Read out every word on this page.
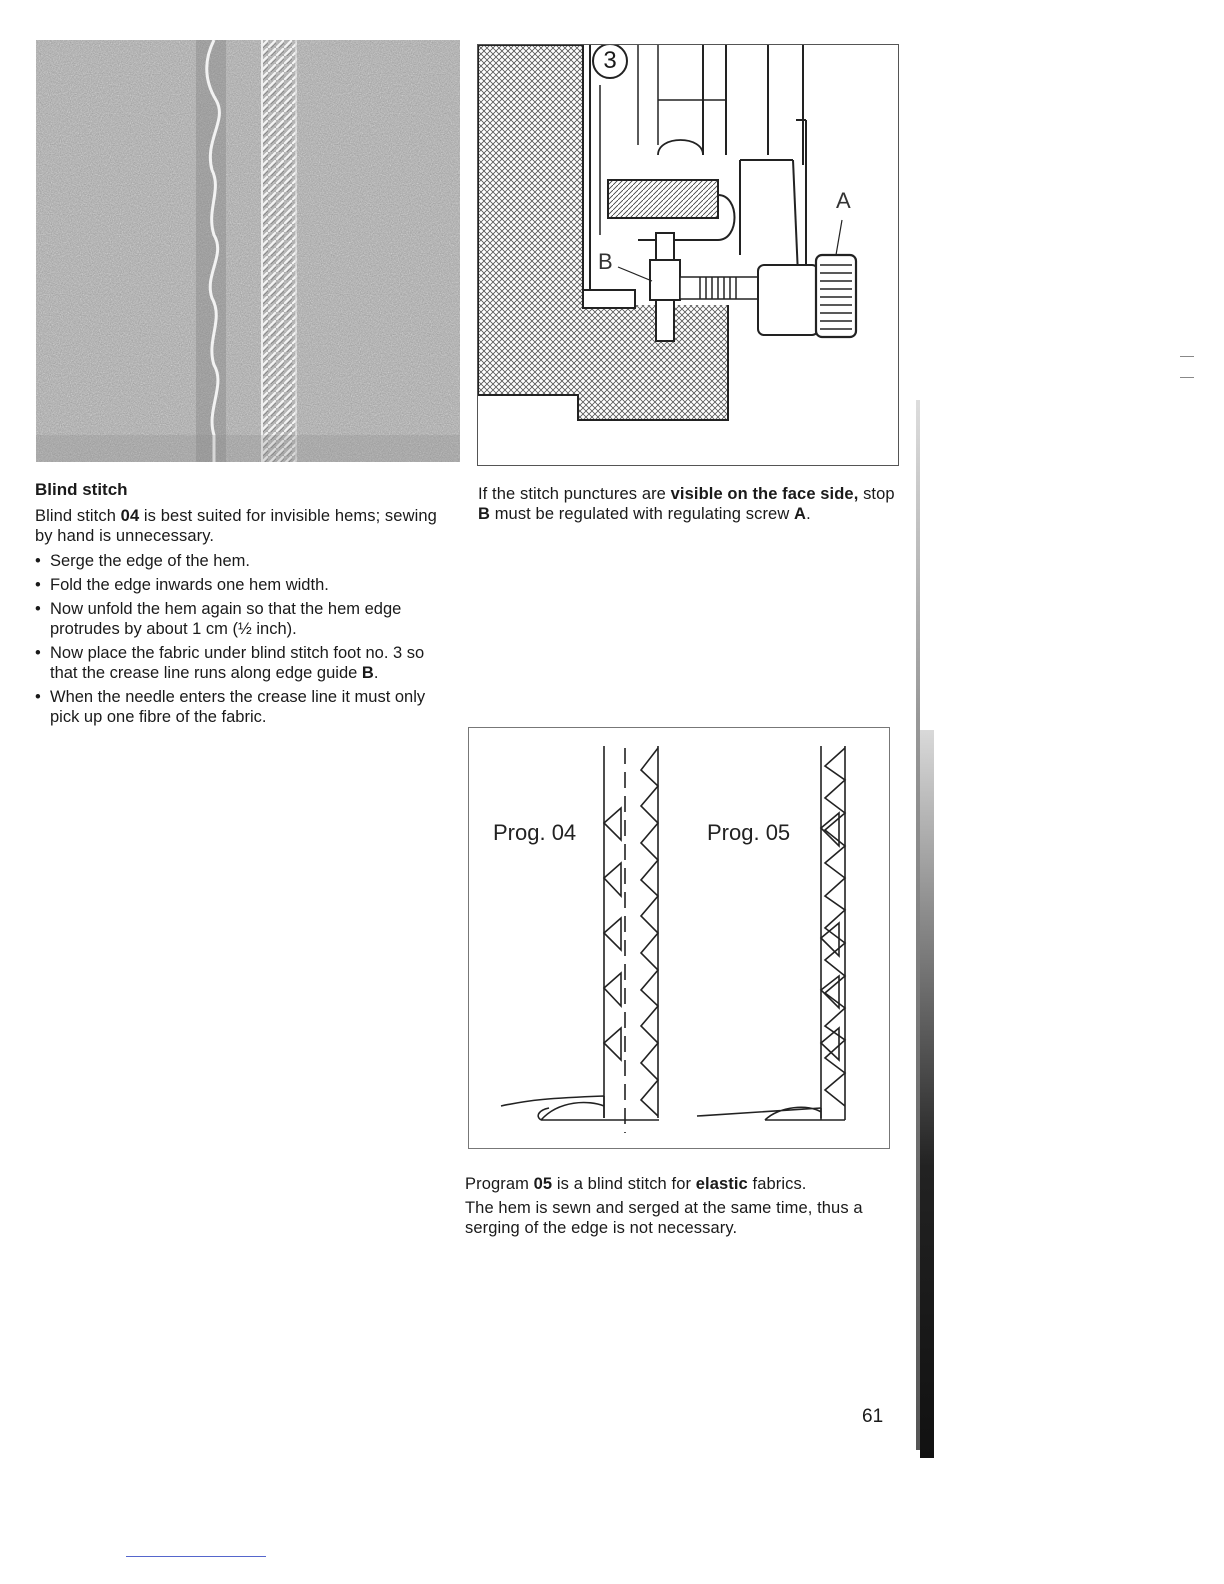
Blind stitch
Blind stitch 04 is best suited for invisible hems; sewing by hand is unnecessary.
• Serge the edge of the hem.
• Fold the edge inwards one hem width.
• Now unfold the hem again so that the hem edge protrudes by about 1 cm (½ inch).
• Now place the fabric under blind stitch foot no. 3 so that the crease line runs along edge guide B.
• When the needle enters the crease line it must only pick up one fibre of the fabric.
3
A
B
If the stitch punctures are visible on the face side, stop B must be regulated with regulating screw A.
Prog. 04	Prog. 05
Program 05 is a blind stitch for elastic fabrics.
The hem is sewn and serged at the same time, thus a serging of the edge is not necessary.
61
